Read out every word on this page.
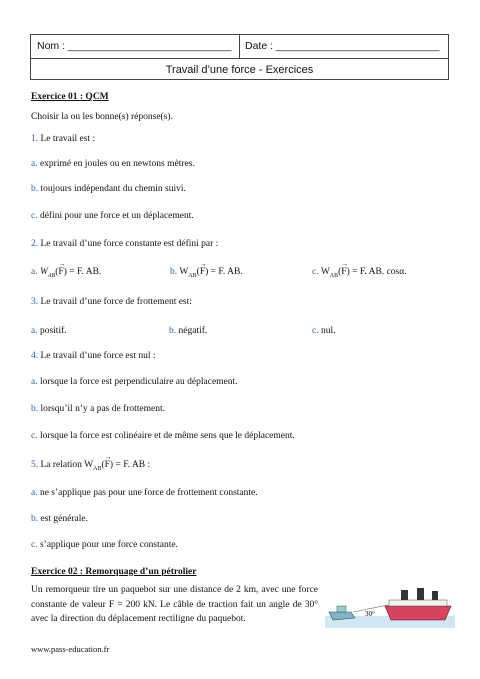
Nom : ____________________________ Date : ____________________________
Travail d’une force - Exercices
Exercice 01 : QCM
Choisir la ou les bonne(s) réponse(s).
1. Le travail est :
a. exprimé en joules ou en newtons mètres.
b. toujours indépendant du chemin suivi.
c. défini pour une force et un déplacement.
2. Le travail d’une force constante est défini par :
a. $W_{AB}(\to F) = F$. AB.	b. $W_{AB}(\to F) = F$. AB.	c. $W_{AB}(\to F) = F$. AB. cosα.
3. Le travail d’une force de frottement est:
a. positif.	b. négatif.	c. nul.
4. Le travail d’une force est nul :
a. lorsque la force est perpendiculaire au déplacement.
b. lorsqu’il n’y a pas de frottement.
c. lorsque la force est colinéaire et de même sens que le déplacement.
5. La relation $W_{AB}(\to F) = F$. AB :
a. ne s’applique pas pour une force de frottement constante.
b. est générale.
c. s’applique pour une force constante.
Exercice 02 : Remorquage d’un pétrolier
Un remorqueur tire un paquebot sur une distance de 2 km, avec une force constante de valeur F = 200 kN. Le câble de traction fait un angle de 30° avec la direction du déplacement rectiligne du paquebot.	30°
www.pass-education.fr
